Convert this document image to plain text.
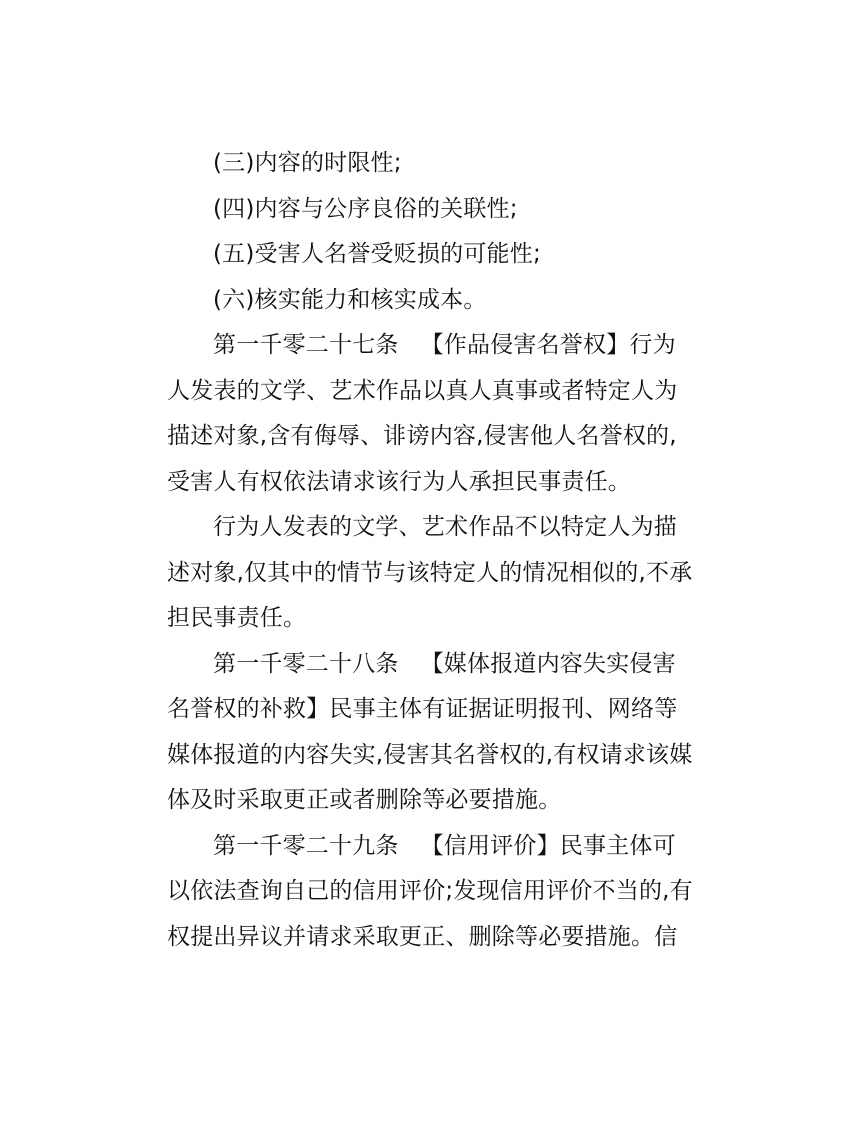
(三)内容的时限性;
(四)内容与公序良俗的关联性;
(五)受害人名誉受贬损的可能性;
(六)核实能力和核实成本。
第一千零二十七条 【作品侵害名誉权】行为
人发表的文学、艺术作品以真人真事或者特定人为
描述对象,含有侮辱、诽谤内容,侵害他人名誉权的,
受害人有权依法请求该行为人承担民事责任。
行为人发表的文学、艺术作品不以特定人为描
述对象,仅其中的情节与该特定人的情况相似的,不承
担民事责任。
第一千零二十八条 【媒体报道内容失实侵害
名誉权的补救】民事主体有证据证明报刊、网络等
媒体报道的内容失实,侵害其名誉权的,有权请求该媒
体及时采取更正或者删除等必要措施。
第一千零二十九条 【信用评价】民事主体可
以依法查询自己的信用评价;发现信用评价不当的,有
权提出异议并请求采取更正、删除等必要措施。信
